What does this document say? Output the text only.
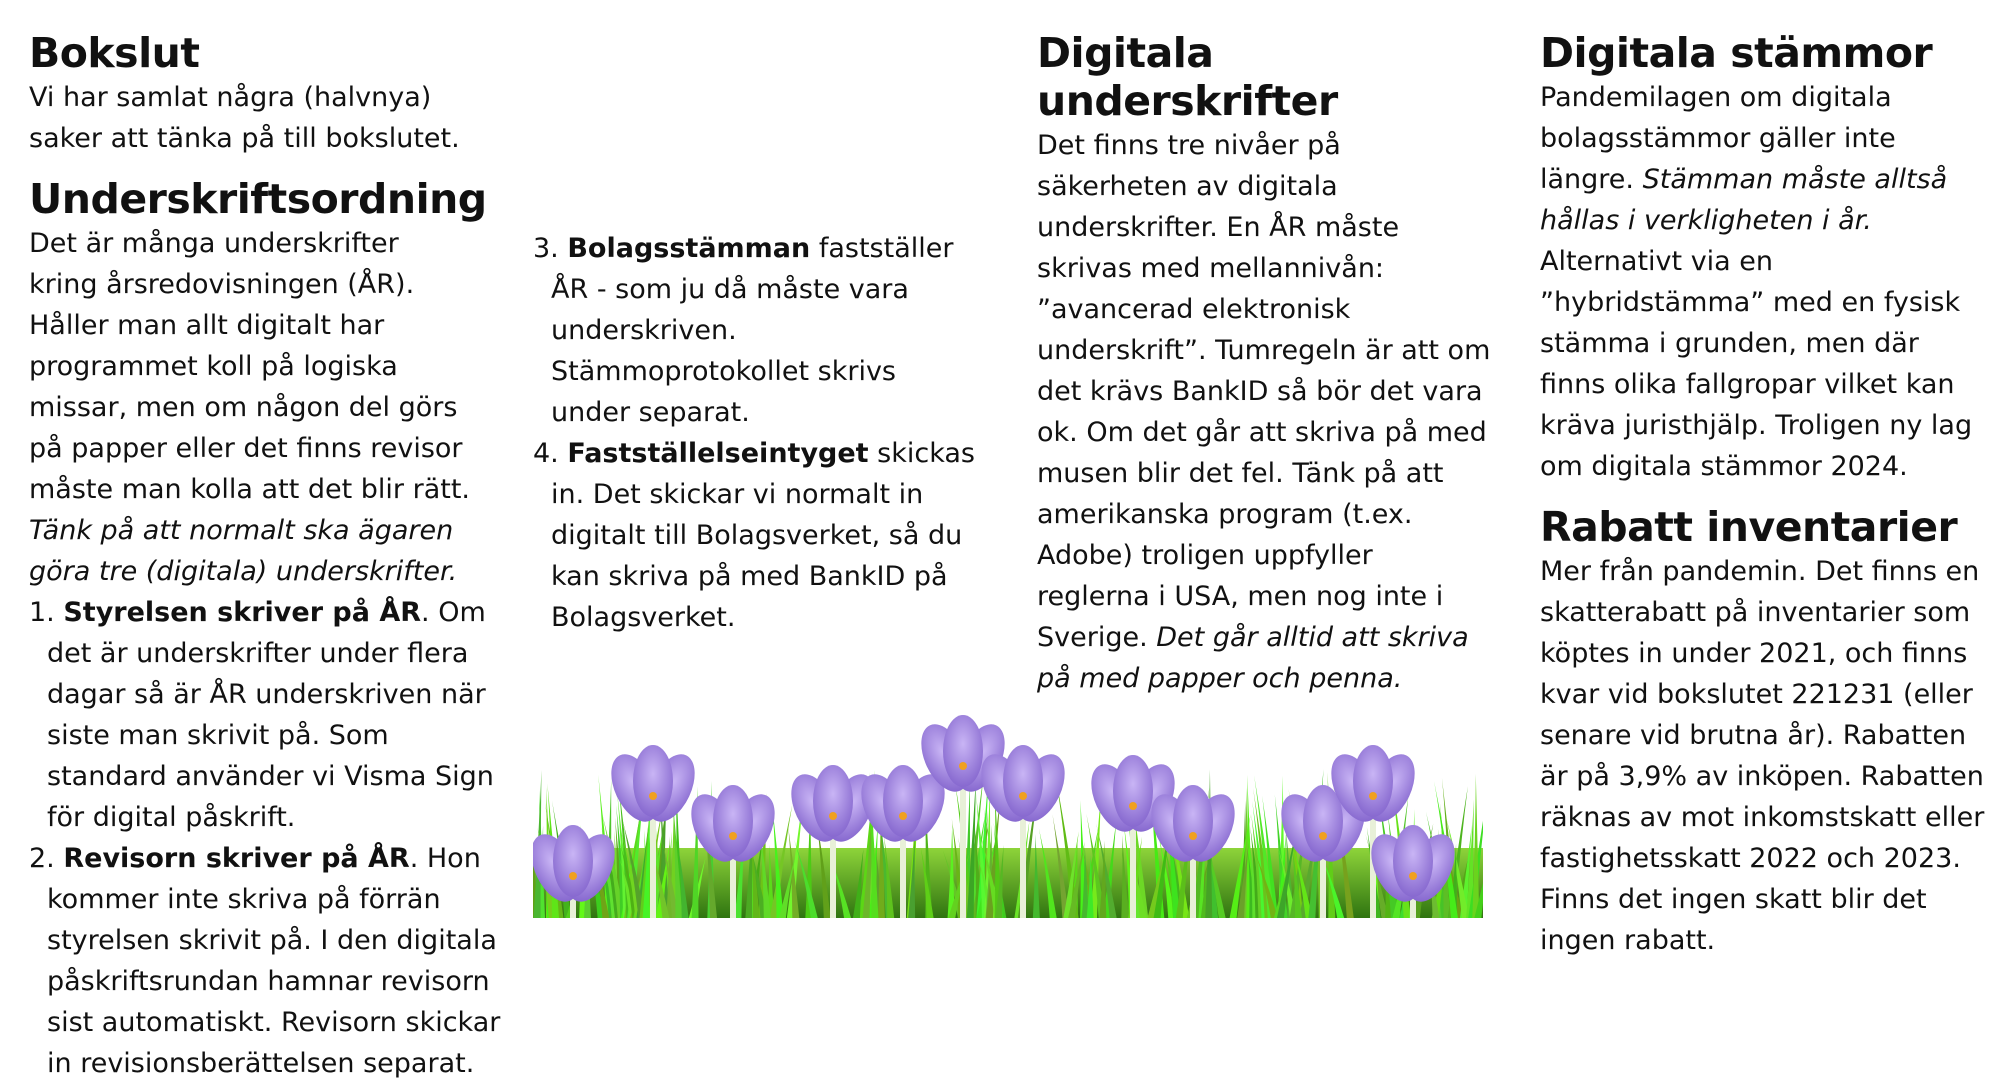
Bokslut

Vi har samlat några (halvnya) saker att tänka på till bokslutet.

Underskriftsordning

Det är många underskrifter kring årsredovisningen (ÅR). Håller man allt digitalt har programmet koll på logiska missar, men om någon del görs på papper eller det finns revisor måste man kolla att det blir rätt. Tänk på att normalt ska ägaren göra tre (digitala) underskrifter.

1. Styrelsen skriver på ÅR. Om det är underskrifter under flera dagar så är ÅR underskriven när siste man skrivit på. Som standard använder vi Visma Sign för digital påskrift.
2. Revisorn skriver på ÅR. Hon kommer inte skriva på förrän styrelsen skrivit på. I den digitala påskriftsrundan hamnar revisorn sist automatiskt. Revisorn skickar in revisionsberättelsen separat.
3. Bolagsstämman fastställer ÅR - som ju då måste vara underskriven. Stämmoprotokollet skrivs under separat.
4. Fastställelseintyget skickas in. Det skickar vi normalt in digitalt till Bolagsverket, så du kan skriva på med BankID på Bolagsverket.
Digitala underskrifter

Det finns tre nivåer på säkerheten av digitala underskrifter. En ÅR måste skrivas med mellannivån: ”avancerad elektronisk underskrift”. Tumregeln är att om det krävs BankID så bör det vara ok. Om det går att skriva på med musen blir det fel. Tänk på att amerikanska program (t.ex. Adobe) troligen uppfyller reglerna i USA, men nog inte i Sverige. Det går alltid att skriva på med papper och penna.

Digitala stämmor

Pandemilagen om digitala bolagsstämmor gäller inte längre. Stämman måste alltså hållas i verkligheten i år. Alternativt via en ”hybridstämma” med en fysisk stämma i grunden, men där finns olika fallgropar vilket kan kräva juristhjälp. Troligen ny lag om digitala stämmor 2024.

Rabatt inventarier

Mer från pandemin. Det finns en skatterabatt på inventarier som köptes in under 2021, och finns kvar vid bokslutet 221231 (eller senare vid brutna år). Rabatten är på 3,9% av inköpen. Rabatten räknas av mot inkomstskatt eller fastighetsskatt 2022 och 2023. Finns det ingen skatt blir det ingen rabatt.
